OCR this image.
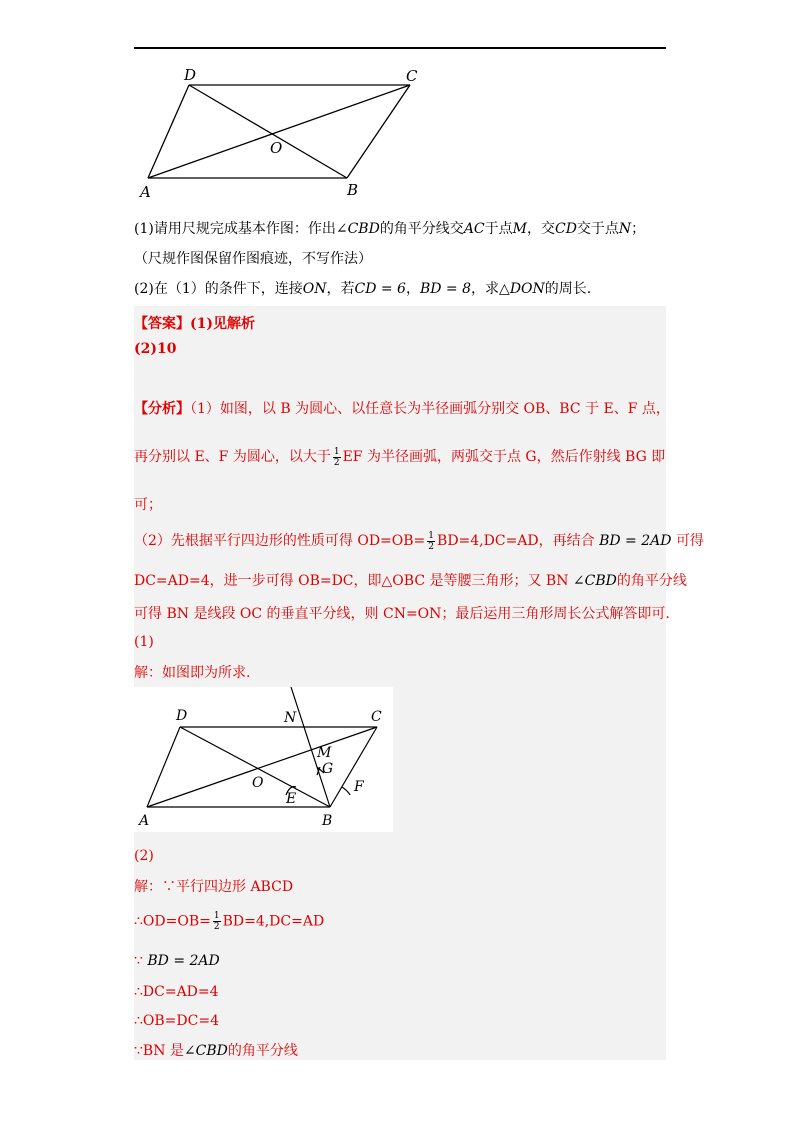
D	C
O
A	B
(1)请用尺规完成基本作图：作出∠CBD的角平分线交AC于点M，交CD交于点N；
（尺规作图保留作图痕迹，不写作法）
(2)在（1）的条件下，连接ON，若CD = 6，BD = 8，求△DON的周长.
【答案】(1)见解析
(2)10
【分析】（1）如图，以 B 为圆心、以任意长为半径画弧分别交 OB、BC 于 E、F 点，
再分别以 E、F 为圆心，以大于 $\frac{1}{2}$ EF 为半径画弧，两弧交于点 G，然后作射线 BG 即
可；
（2）先根据平行四边形的性质可得 $OD=OB= \frac{1}{2} BD=4,DC=AD$，再结合 BD = 2AD 可得
DC=AD=4，进一步可得 OB=DC，即△OBC 是等腰三角形；又 BN ∠CBD的角平分线
可得 BN 是线段 OC 的垂直平分线，则 CN=ON；最后运用三角形周长公式解答即可.
(1)
解：如图即为所求.
D	N	C
M
G
O	F
E
A	B
(2)
解：∵平行四边形 ABCD
∴OD=OB= $\frac{1}{2} BD=4,DC=AD$
∵ BD = 2AD
∴DC=AD=4
∴OB=DC=4
∵BN 是∠CBD的角平分线
